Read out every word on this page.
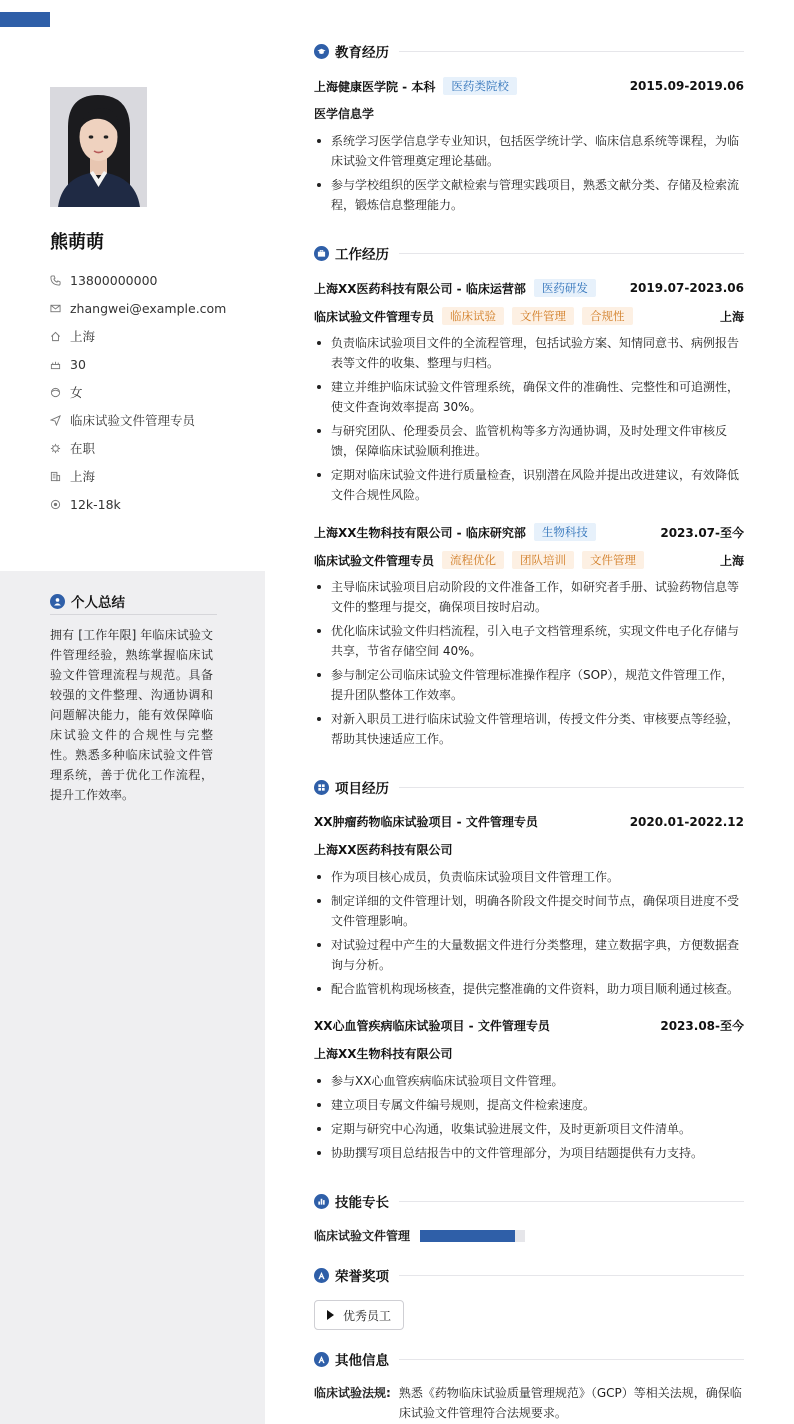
熊萌萌
13800000000
zhangwei@example.com
上海
30
女
临床试验文件管理专员
在职
上海
12k-18k
个人总结
拥有 [工作年限] 年临床试验文件管理经验，熟练掌握临床试验文件管理流程与规范。具备较强的文件整理、沟通协调和问题解决能力，能有效保障临床试验文件的合规性与完整性。熟悉多种临床试验文件管理系统，善于优化工作流程，提升工作效率。
教育经历
上海健康医学院 - 本科	医药类院校	2015.09-2019.06
医学信息学
系统学习医学信息学专业知识，包括医学统计学、临床信息系统等课程，为临床试验文件管理奠定理论基础。
参与学校组织的医学文献检索与管理实践项目，熟悉文献分类、存储及检索流程，锻炼信息整理能力。
工作经历
上海XX医药科技有限公司 - 临床运营部	医药研发	2019.07-2023.06
临床试验文件管理专员	临床试验	文件管理	合规性	上海
负责临床试验项目文件的全流程管理，包括试验方案、知情同意书、病例报告表等文件的收集、整理与归档。
建立并维护临床试验文件管理系统，确保文件的准确性、完整性和可追溯性，使文件查询效率提高 30%。
与研究团队、伦理委员会、监管机构等多方沟通协调，及时处理文件审核反馈，保障临床试验顺利推进。
定期对临床试验文件进行质量检查，识别潜在风险并提出改进建议，有效降低文件合规性风险。
上海XX生物科技有限公司 - 临床研究部	生物科技	2023.07-至今
临床试验文件管理专员	流程优化	团队培训	文件管理	上海
主导临床试验项目启动阶段的文件准备工作，如研究者手册、试验药物信息等文件的整理与提交，确保项目按时启动。
优化临床试验文件归档流程，引入电子文档管理系统，实现文件电子化存储与共享，节省存储空间 40%。
参与制定公司临床试验文件管理标准操作程序（SOP），规范文件管理工作，提升团队整体工作效率。
对新入职员工进行临床试验文件管理培训，传授文件分类、审核要点等经验，帮助其快速适应工作。
项目经历
XX肿瘤药物临床试验项目 - 文件管理专员	2020.01-2022.12
上海XX医药科技有限公司
作为项目核心成员，负责临床试验项目文件管理工作。
制定详细的文件管理计划，明确各阶段文件提交时间节点，确保项目进度不受文件管理影响。
对试验过程中产生的大量数据文件进行分类整理，建立数据字典，方便数据查询与分析。
配合监管机构现场核查，提供完整准确的文件资料，助力项目顺利通过核查。
XX心血管疾病临床试验项目 - 文件管理专员	2023.08-至今
上海XX生物科技有限公司
参与XX心血管疾病临床试验项目文件管理。
建立项目专属文件编号规则，提高文件检索速度。
定期与研究中心沟通，收集试验进展文件，及时更新项目文件清单。
协助撰写项目总结报告中的文件管理部分，为项目结题提供有力支持。
技能专长
临床试验文件管理
荣誉奖项
优秀员工
其他信息
临床试验法规: 熟悉《药物临床试验质量管理规范》（GCP）等相关法规，确保临床试验文件管理符合法规要求。
